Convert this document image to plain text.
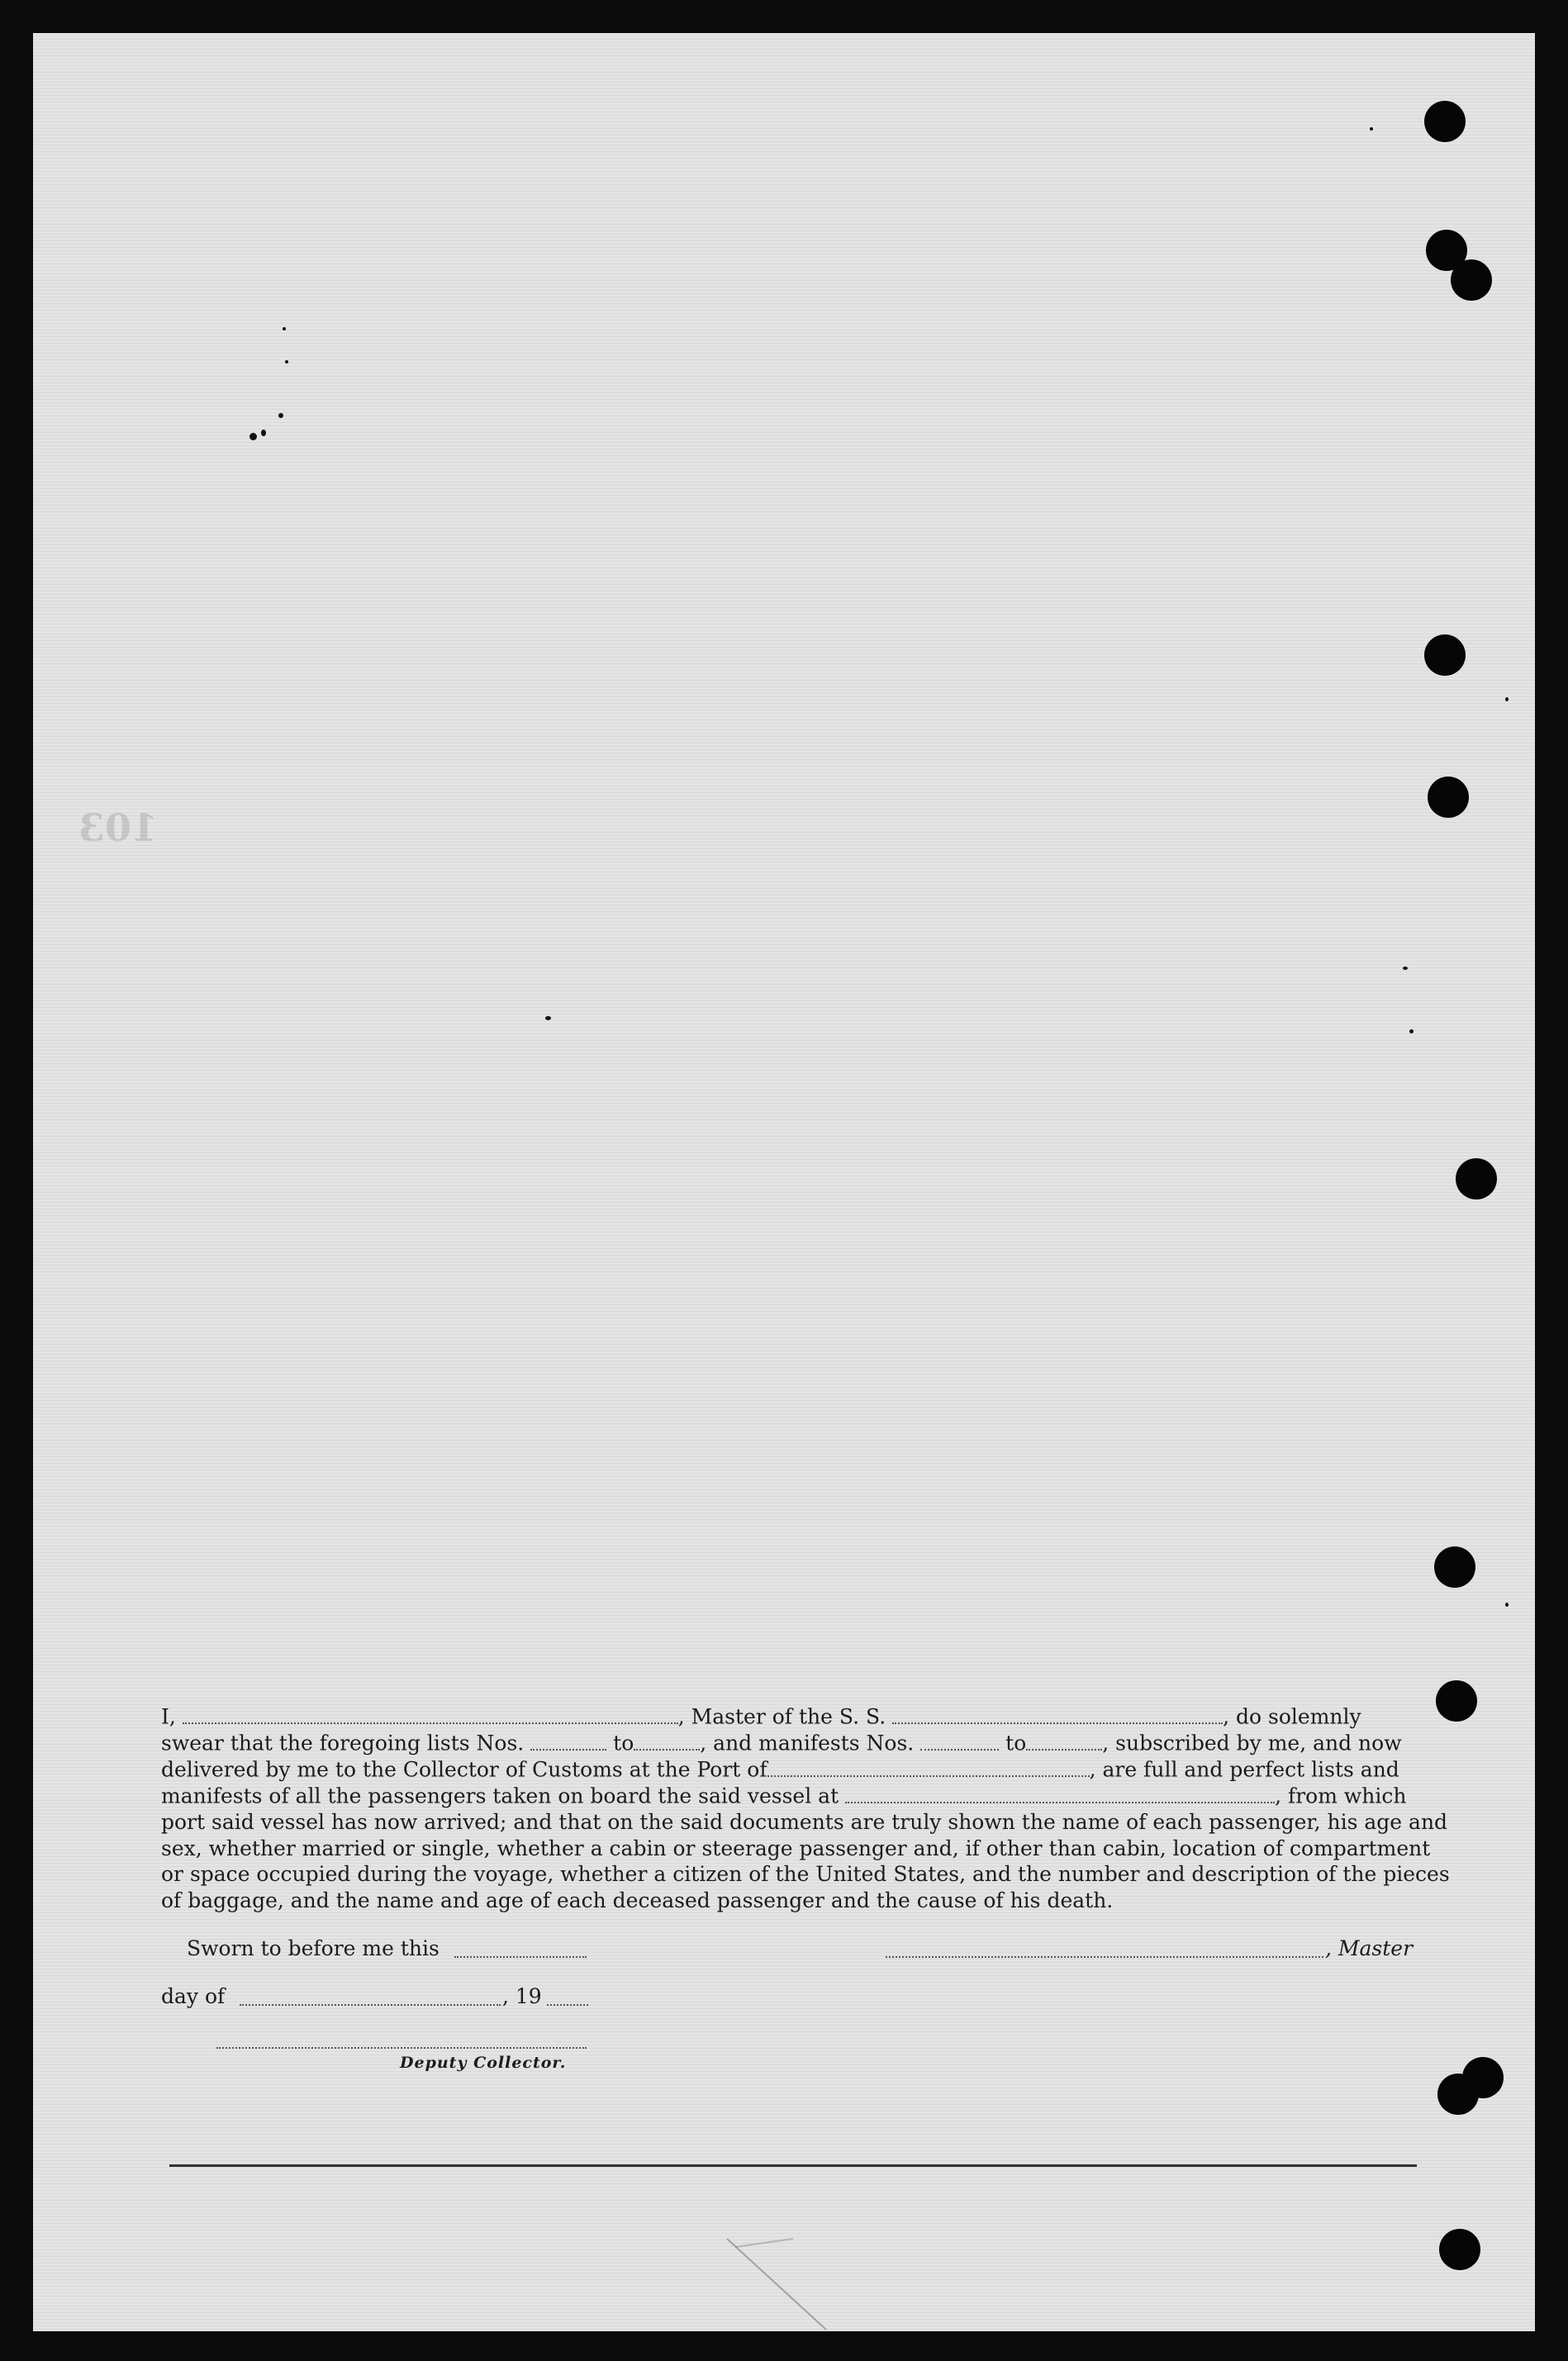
103
I,	, Master of the S. S.	, do solemnly
swear that the foregoing lists Nos.	to	, and manifests Nos.	to	, subscribed by me, and now
delivered by me to the Collector of Customs at the Port of	, are full and perfect lists and
manifests of all the passengers taken on board the said vessel at	, from which
port said vessel has now arrived; and that on the said documents are truly shown the name of each passenger, his age and
sex, whether married or single, whether a cabin or steerage passenger and, if other than cabin, location of compartment
or space occupied during the voyage, whether a citizen of the United States, and the number and description of the pieces
of baggage, and the name and age of each deceased passenger and the cause of his death.
Sworn to before me this	, Master
day of	, 19
Deputy Collector.
